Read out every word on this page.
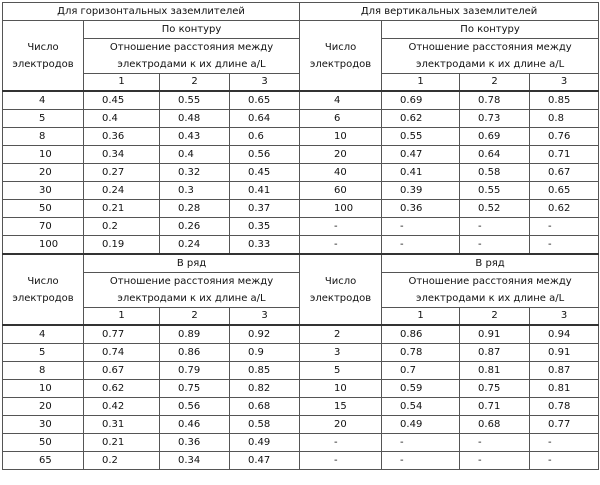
Для горизонтальных заземлителей				Для вертикальных заземлителей			
Число электродов	По контуру			Число электродов	По контуру		
	Отношение расстояния между электродами к их длине a/L				Отношение расстояния между электродами к их длине a/L		
	1	2	3		1	2	3
4	0.45	0.55	0.65	4	0.69	0.78	0.85
5	0.4	0.48	0.64	6	0.62	0.73	0.8
8	0.36	0.43	0.6	10	0.55	0.69	0.76
10	0.34	0.4	0.56	20	0.47	0.64	0.71
20	0.27	0.32	0.45	40	0.41	0.58	0.67
30	0.24	0.3	0.41	60	0.39	0.55	0.65
50	0.21	0.28	0.37	100	0.36	0.52	0.62
70	0.2	0.26	0.35	-	-	-	-
100	0.19	0.24	0.33	-	-	-	-
Число электродов	В ряд			Число электродов	В ряд		
	Отношение расстояния между электродами к их длине a/L				Отношение расстояния между электродами к их длине a/L		
	1	2	3		1	2	3
4	0.77	0.89	0.92	2	0.86	0.91	0.94
5	0.74	0.86	0.9	3	0.78	0.87	0.91
8	0.67	0.79	0.85	5	0.7	0.81	0.87
10	0.62	0.75	0.82	10	0.59	0.75	0.81
20	0.42	0.56	0.68	15	0.54	0.71	0.78
30	0.31	0.46	0.58	20	0.49	0.68	0.77
50	0.21	0.36	0.49	-	-	-	-
65	0.2	0.34	0.47	-	-	-	-
